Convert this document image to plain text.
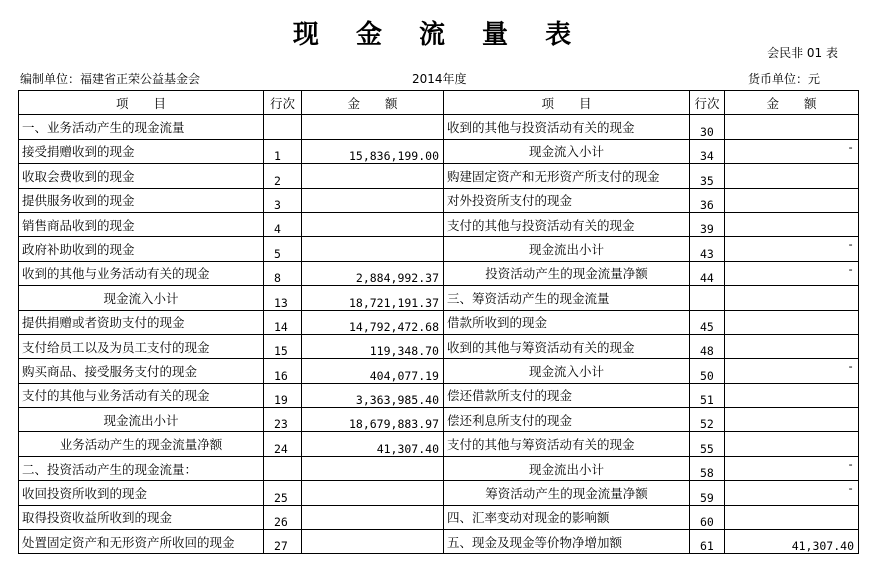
现 金 流 量 表
会民非 01 表
编制单位：福建省正荣公益基金会	2014年度	货币单位：元
项　　目	行次	金　　额	项　　目	行次	金　　额
一、业务活动产生的现金流量			收到的其他与投资活动有关的现金	30	
接受捐赠收到的现金	1	15,836,199.00	现金流入小计	34	-
收取会费收到的现金	2		购建固定资产和无形资产所支付的现金	35	
提供服务收到的现金	3		对外投资所支付的现金	36	
销售商品收到的现金	4		支付的其他与投资活动有关的现金	39	
政府补助收到的现金	5		现金流出小计	43	-
收到的其他与业务活动有关的现金	8	2,884,992.37	投资活动产生的现金流量净额	44	-
现金流入小计	13	18,721,191.37	三、筹资活动产生的现金流量		
提供捐赠或者资助支付的现金	14	14,792,472.68	借款所收到的现金	45	
支付给员工以及为员工支付的现金	15	119,348.70	收到的其他与筹资活动有关的现金	48	
购买商品、接受服务支付的现金	16	404,077.19	现金流入小计	50	-
支付的其他与业务活动有关的现金	19	3,363,985.40	偿还借款所支付的现金	51	
现金流出小计	23	18,679,883.97	偿还利息所支付的现金	52	
业务活动产生的现金流量净额	24	41,307.40	支付的其他与筹资活动有关的现金	55	
二、投资活动产生的现金流量：			现金流出小计	58	-
收回投资所收到的现金	25		筹资活动产生的现金流量净额	59	-
取得投资收益所收到的现金	26		四、汇率变动对现金的影响额	60	
处置固定资产和无形资产所收回的现金	27		五、现金及现金等价物净增加额	61	41,307.40
